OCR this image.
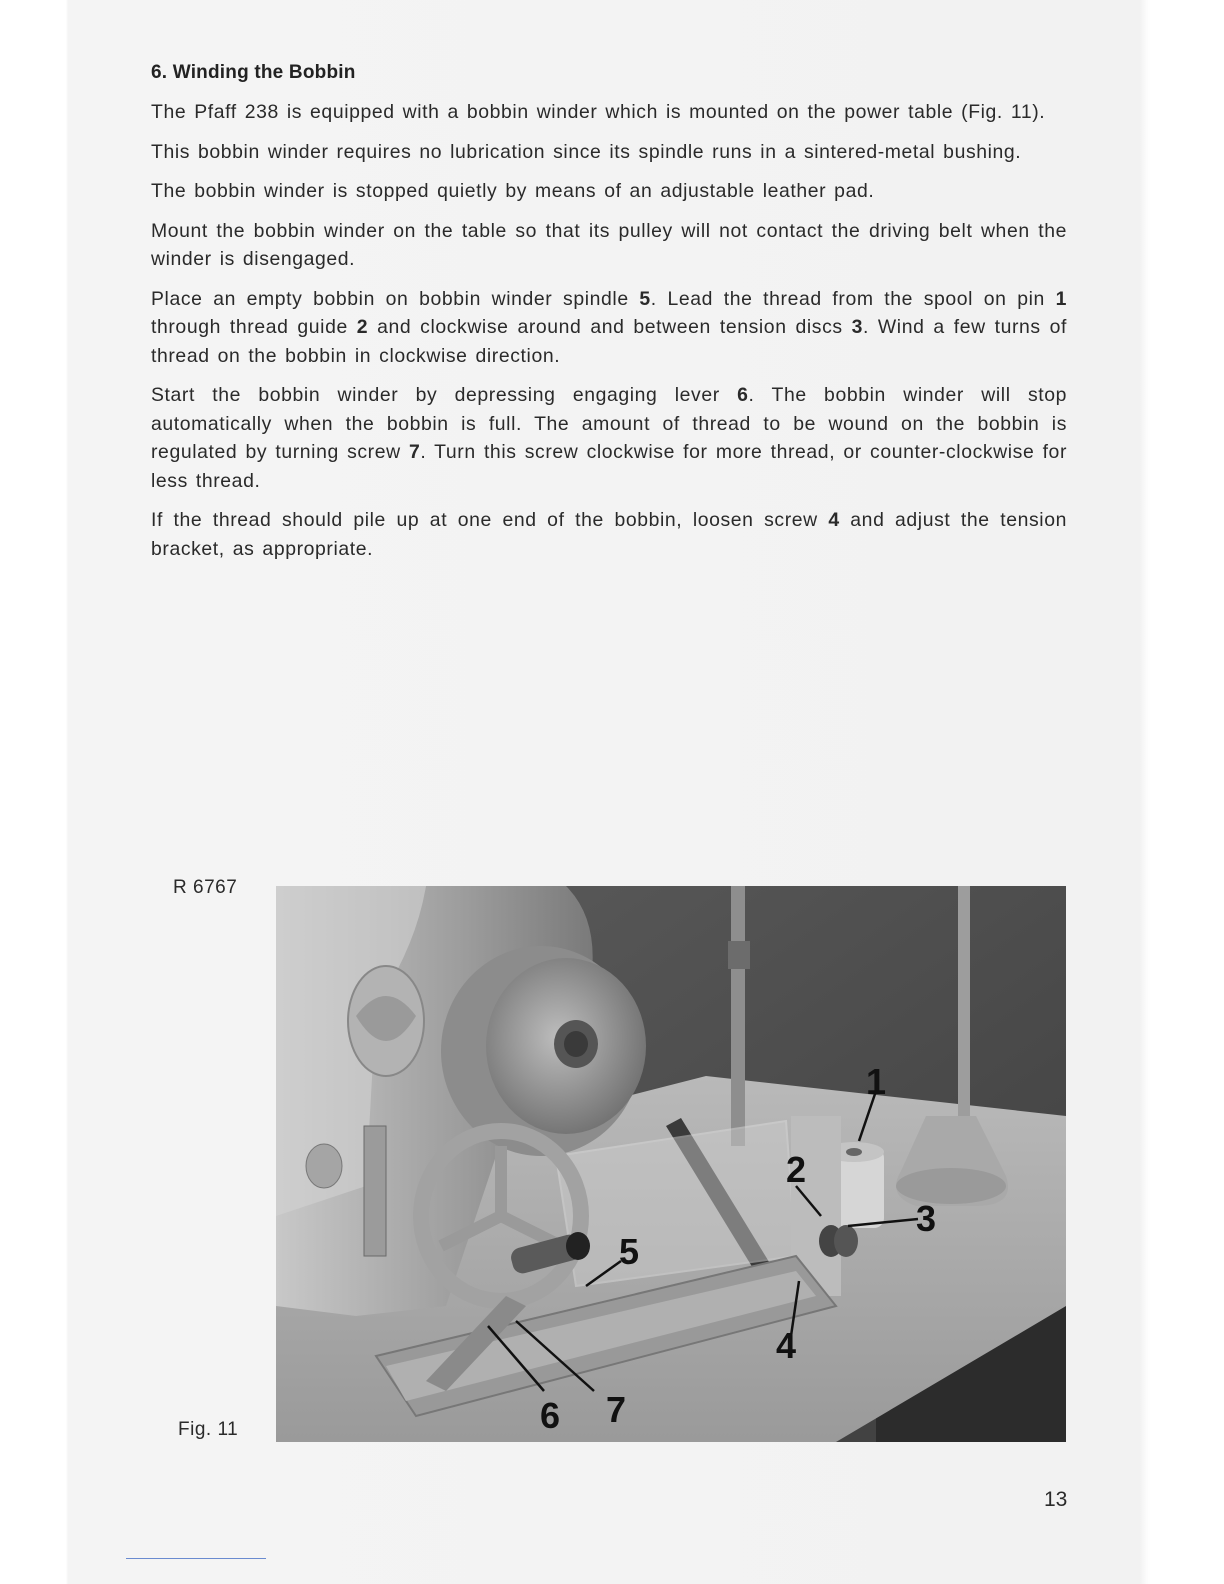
6. Winding the Bobbin

The Pfaff 238 is equipped with a bobbin winder which is mounted on the power table (Fig. 11).

This bobbin winder requires no lubrication since its spindle runs in a sintered-metal bushing.

The bobbin winder is stopped quietly by means of an adjustable leather pad.

Mount the bobbin winder on the table so that its pulley will not contact the driving belt when the winder is disengaged.

Place an empty bobbin on bobbin winder spindle 5. Lead the thread from the spool on pin 1 through thread guide 2 and clockwise around and between tension discs 3. Wind a few turns of thread on the bobbin in clockwise direction.

Start the bobbin winder by depressing engaging lever 6. The bobbin winder will stop automatically when the bobbin is full. The amount of thread to be wound on the bobbin is regulated by turning screw 7. Turn this screw clockwise for more thread, or counter-clockwise for less thread.

If the thread should pile up at one end of the bobbin, loosen screw 4 and adjust the tension bracket, as appropriate.

R 6767
1
2
3
4
5
6 7
Fig. 11
13
